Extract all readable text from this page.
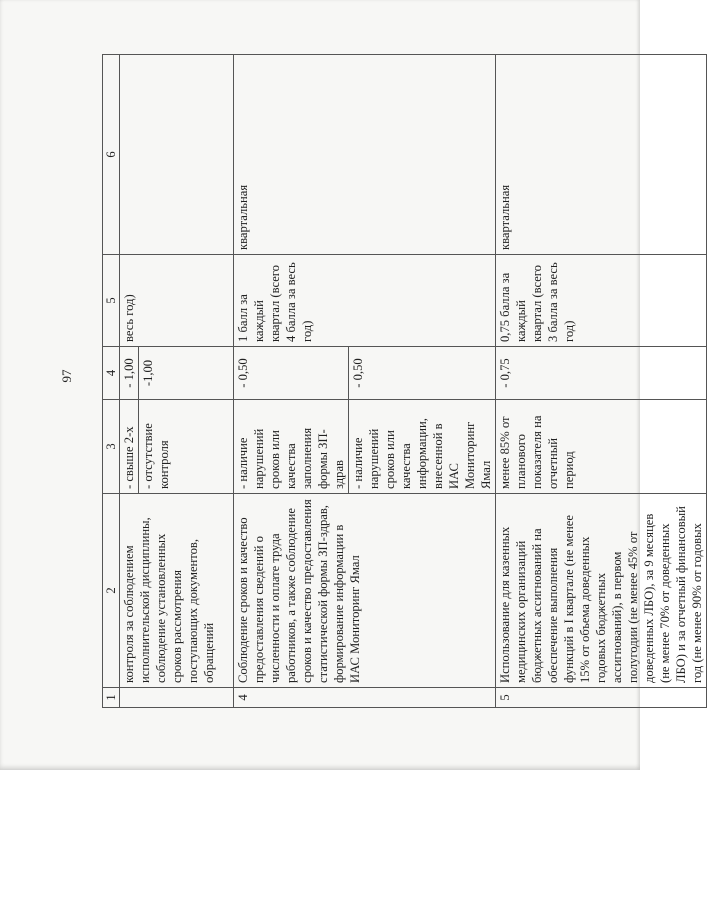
97
1	2	3	4	5	6
	контроля за соблюдением исполнительской дисциплины, соблюдение установленных сроков рассмотрения поступающих документов, обращений	- свыше 2-х	- 1,00	весь год)	
		- отсутствие контроля	-1,00		
4	Соблюдение сроков и качество предоставления сведений о численности и оплате труда работников, а также соблюдение сроков и качество предоставления статистической формы ЗП-здрав, формирование информации в ИАС Мониторинг Ямал	- наличие нарушений сроков или качества заполнения формы ЗП-здрав	- 0,50	1 балл за каждый квартал (всего 4 балла за весь год)	квартальная
		- наличие нарушений сроков или качества информации, внесенной в ИАС Мониторинг Ямал	- 0,50		
5	Использование для казенных медицинских организаций бюджетных ассигнований на обеспечение выполнения функций в I квартале (не менее 15% от объема доведенных годовых бюджетных ассигнований), в первом полугодии (не менее 45% от доведенных ЛБО), за 9 месяцев (не менее 70% от доведенных ЛБО) и за отчетный финансовый год (не менее 90% от годовых	менее 85% от планового показателя на отчетный период	- 0,75	0,75 балла за каждый квартал (всего 3 балла за весь год)	квартальная
